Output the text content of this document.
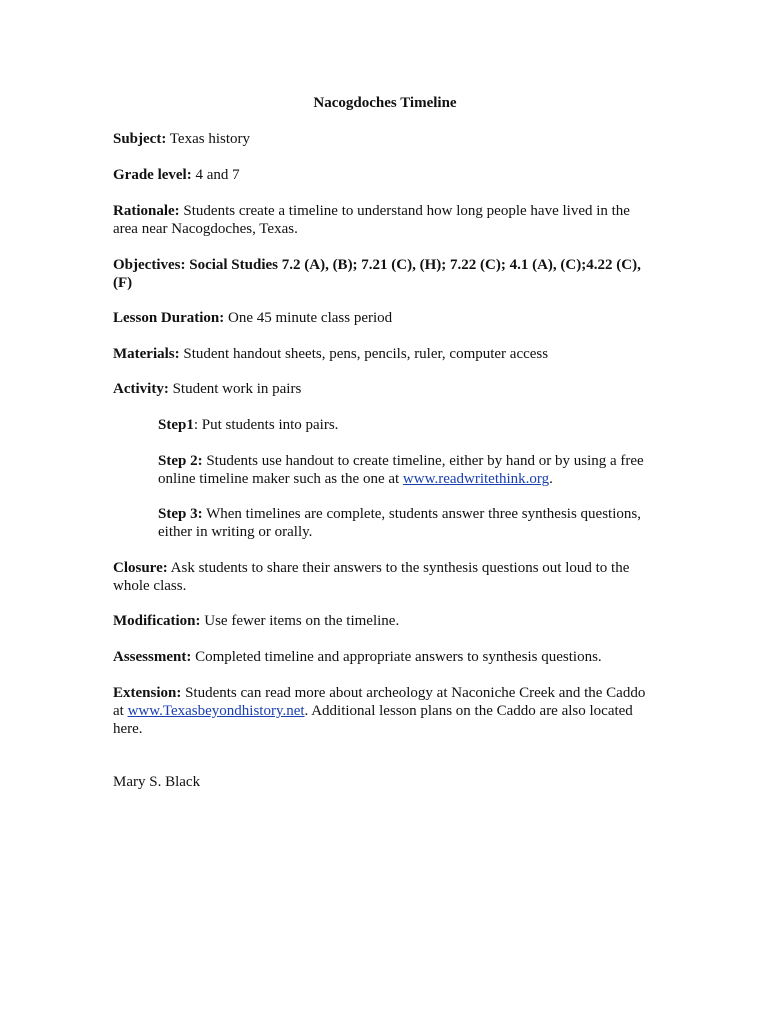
Nacogdoches Timeline
Subject: Texas history
Grade level: 4 and 7
Rationale: Students create a timeline to understand how long people have lived in the area near Nacogdoches, Texas.
Objectives: Social Studies 7.2 (A), (B); 7.21 (C), (H); 7.22 (C); 4.1 (A), (C);4.22 (C), (F)
Lesson Duration: One 45 minute class period
Materials: Student handout sheets, pens, pencils, ruler, computer access
Activity: Student work in pairs
Step1: Put students into pairs.
Step 2: Students use handout to create timeline, either by hand or by using a free online timeline maker such as the one at www.readwritethink.org.
Step 3: When timelines are complete, students answer three synthesis questions, either in writing or orally.
Closure: Ask students to share their answers to the synthesis questions out loud to the whole class.
Modification: Use fewer items on the timeline.
Assessment: Completed timeline and appropriate answers to synthesis questions.
Extension: Students can read more about archeology at Naconiche Creek and the Caddo at www.Texasbeyondhistory.net. Additional lesson plans on the Caddo are also located here.
Mary S. Black
